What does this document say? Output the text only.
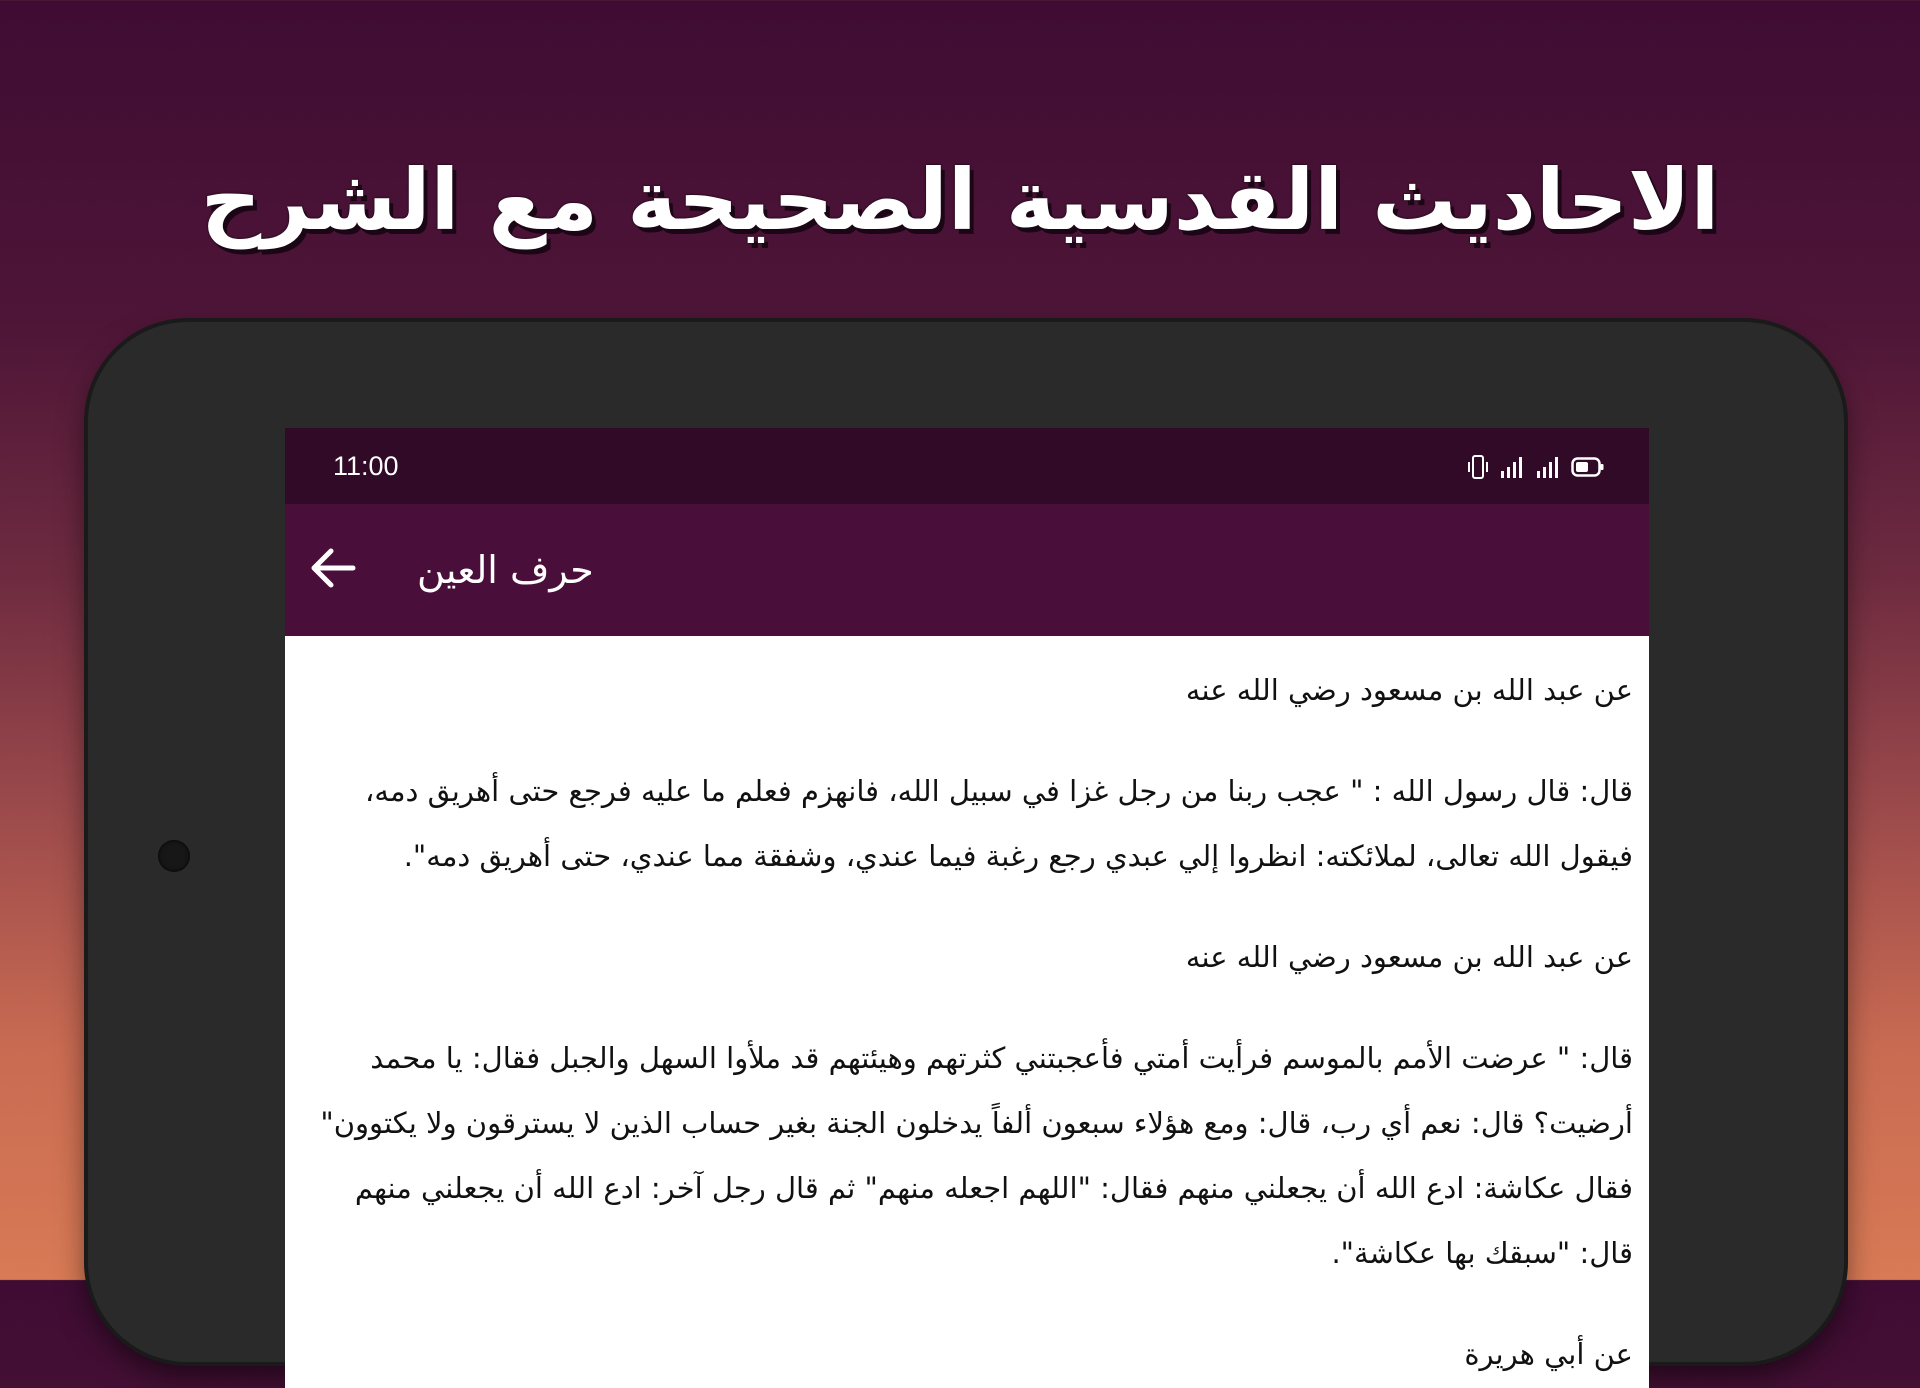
الاحاديث القدسية الصحيحة مع الشرح
11:00
حرف العين

عن عبد الله بن مسعود رضي الله عنه

قال: قال رسول الله : " عجب ربنا من رجل غزا في سبيل الله، فانهزم فعلم ما عليه فرجع حتى أهريق دمه، فيقول الله تعالى، لملائكته: انظروا إلي عبدي رجع رغبة فيما عندي، وشفقة مما عندي، حتى أهريق دمه".

عن عبد الله بن مسعود رضي الله عنه

قال: " عرضت الأمم بالموسم فرأيت أمتي فأعجبتني كثرتهم وهيئتهم قد ملأوا السهل والجبل فقال: يا محمد أرضيت؟ قال: نعم أي رب، قال: ومع هؤلاء سبعون ألفاً يدخلون الجنة بغير حساب الذين لا يسترقون ولا يكتوون" فقال عكاشة: ادع الله أن يجعلني منهم فقال: "اللهم اجعله منهم" ثم قال رجل آخر: ادع الله أن يجعلني منهم قال: "سبقك بها عكاشة".

عن أبي هريرة
